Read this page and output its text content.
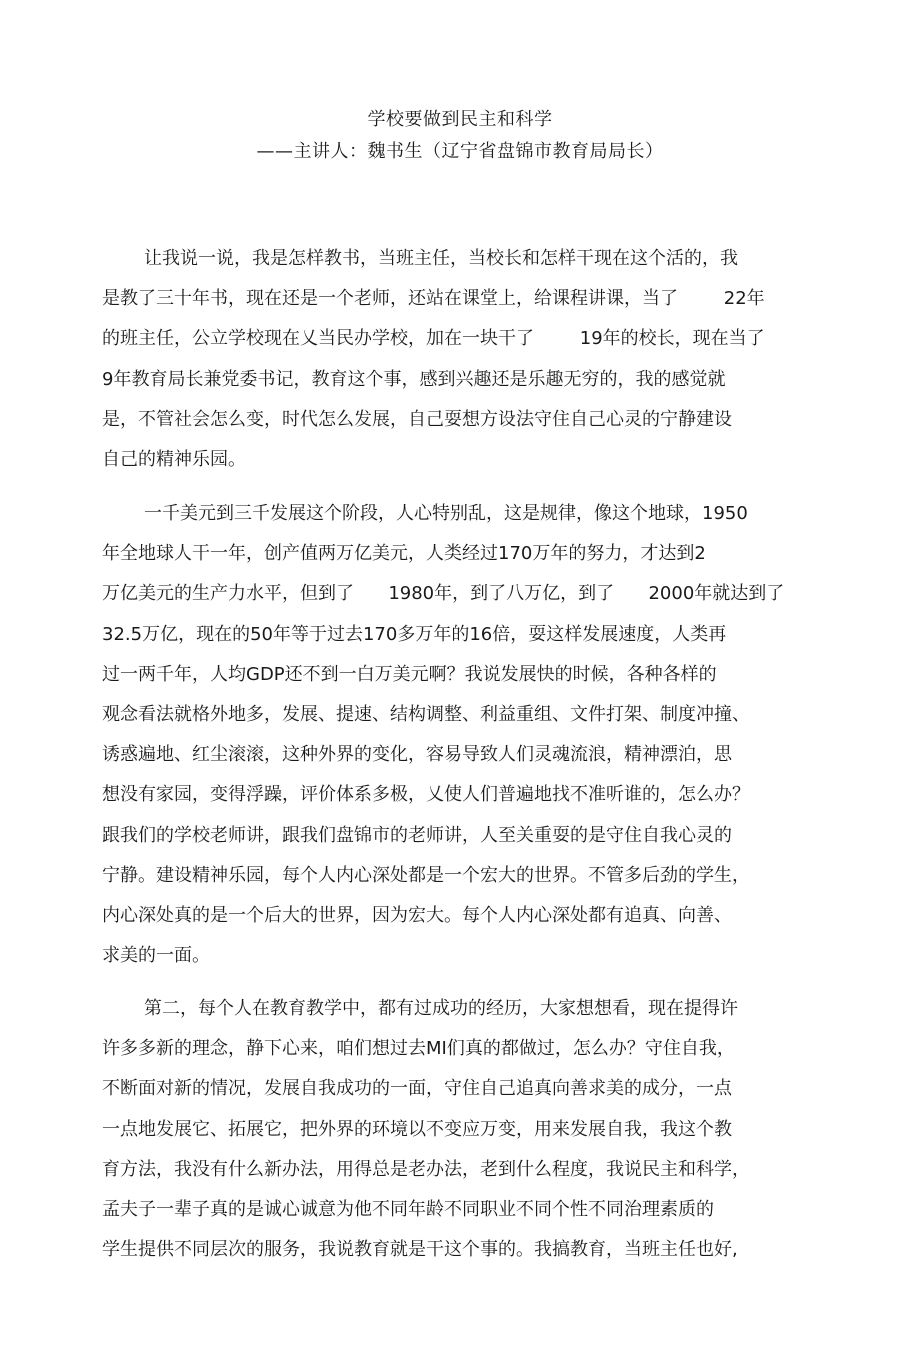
学校要做到民主和科学
——主讲人：魏书生（辽宁省盘锦市教育局局长）
让我说一说，我是怎样教书，当班主任，当校长和怎样干现在这个活的，我
是教了三十年书，现在还是一个老师，还站在课堂上，给课程讲课，当了        22年
的班主任，公立学校现在乂当民办学校，加在一块干了        19年的校长，现在当了
9年教育局长兼党委书记，教育这个事，感到兴趣还是乐趣无穷的，我的感觉就
是，不管社会怎么变，时代怎么发展，自己耍想方设法守住自己心灵的宁静建设
自己的精神乐园。
一千美元到三千发展这个阶段，人心特别乱，这是规律，像这个地球，1950
年全地球人干一年，创产值两万亿美元，人类经过170万年的努力，才达到2
万亿美元的生产力水平，但到了      1980年，到了八万亿，到了      2000年就达到了
32.5万亿，现在的50年等于过去170多万年的16倍，耍这样发展速度，人类再
过一两千年，人均GDP还不到一白万美元啊？我说发展快的时候，各种各样的
观念看法就格外地多，发展、提速、结构调整、利益重组、文件打架、制度冲撞、
诱惑遍地、红尘滚滚，这种外界的变化，容易导致人们灵魂流浪，精神漂泊，思
想没有家园，变得浮躁，评价体系多极，乂使人们普遍地找不准听谁的，怎么办？
跟我们的学校老师讲，跟我们盘锦市的老师讲，人至关重耍的是守住自我心灵的
宁静。建设精神乐园，每个人内心深处都是一个宏大的世界。不管多后劲的学生，
内心深处真的是一个后大的世界，因为宏大。每个人内心深处都有追真、向善、
求美的一面。
第二，每个人在教育教学中，都有过成功的经历，大家想想看，现在提得许
许多多新的理念，静下心来，咱们想过去MI们真的都做过，怎么办？守住自我，
不断面对新的情况，发展自我成功的一面，守住自己追真向善求美的成分，一点
一点地发展它、拓展它，把外界的环境以不变应万变，用来发展自我，我这个教
育方法，我没有什么新办法，用得总是老办法，老到什么程度，我说民主和科学，
孟夫子一辈子真的是诚心诚意为他不同年龄不同职业不同个性不同治理素质的
学生提供不同层次的服务，我说教育就是干这个事的。我搞教育，当班主任也好,
